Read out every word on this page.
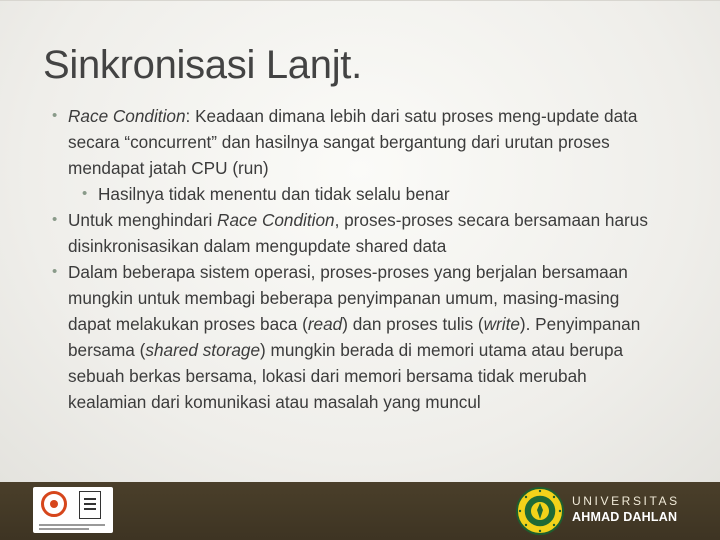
Sinkronisasi Lanjt.
• Race Condition: Keadaan dimana lebih dari satu proses meng-update data secara “concurrent” dan hasilnya sangat bergantung dari urutan proses mendapat jatah CPU (run)
• Hasilnya tidak menentu dan tidak selalu benar
• Untuk menghindari Race Condition, proses-proses secara bersamaan harus disinkronisasikan dalam mengupdate shared data
• Dalam beberapa sistem operasi, proses-proses yang berjalan bersamaan mungkin untuk membagi beberapa penyimpanan umum, masing-masing dapat melakukan proses baca (read) dan proses tulis (write). Penyimpanan bersama (shared storage) mungkin berada di memori utama atau berupa sebuah berkas bersama, lokasi dari memori bersama tidak merubah kealamian dari komunikasi atau masalah yang muncul
UNIVERSITAS
AHMAD DAHLAN
